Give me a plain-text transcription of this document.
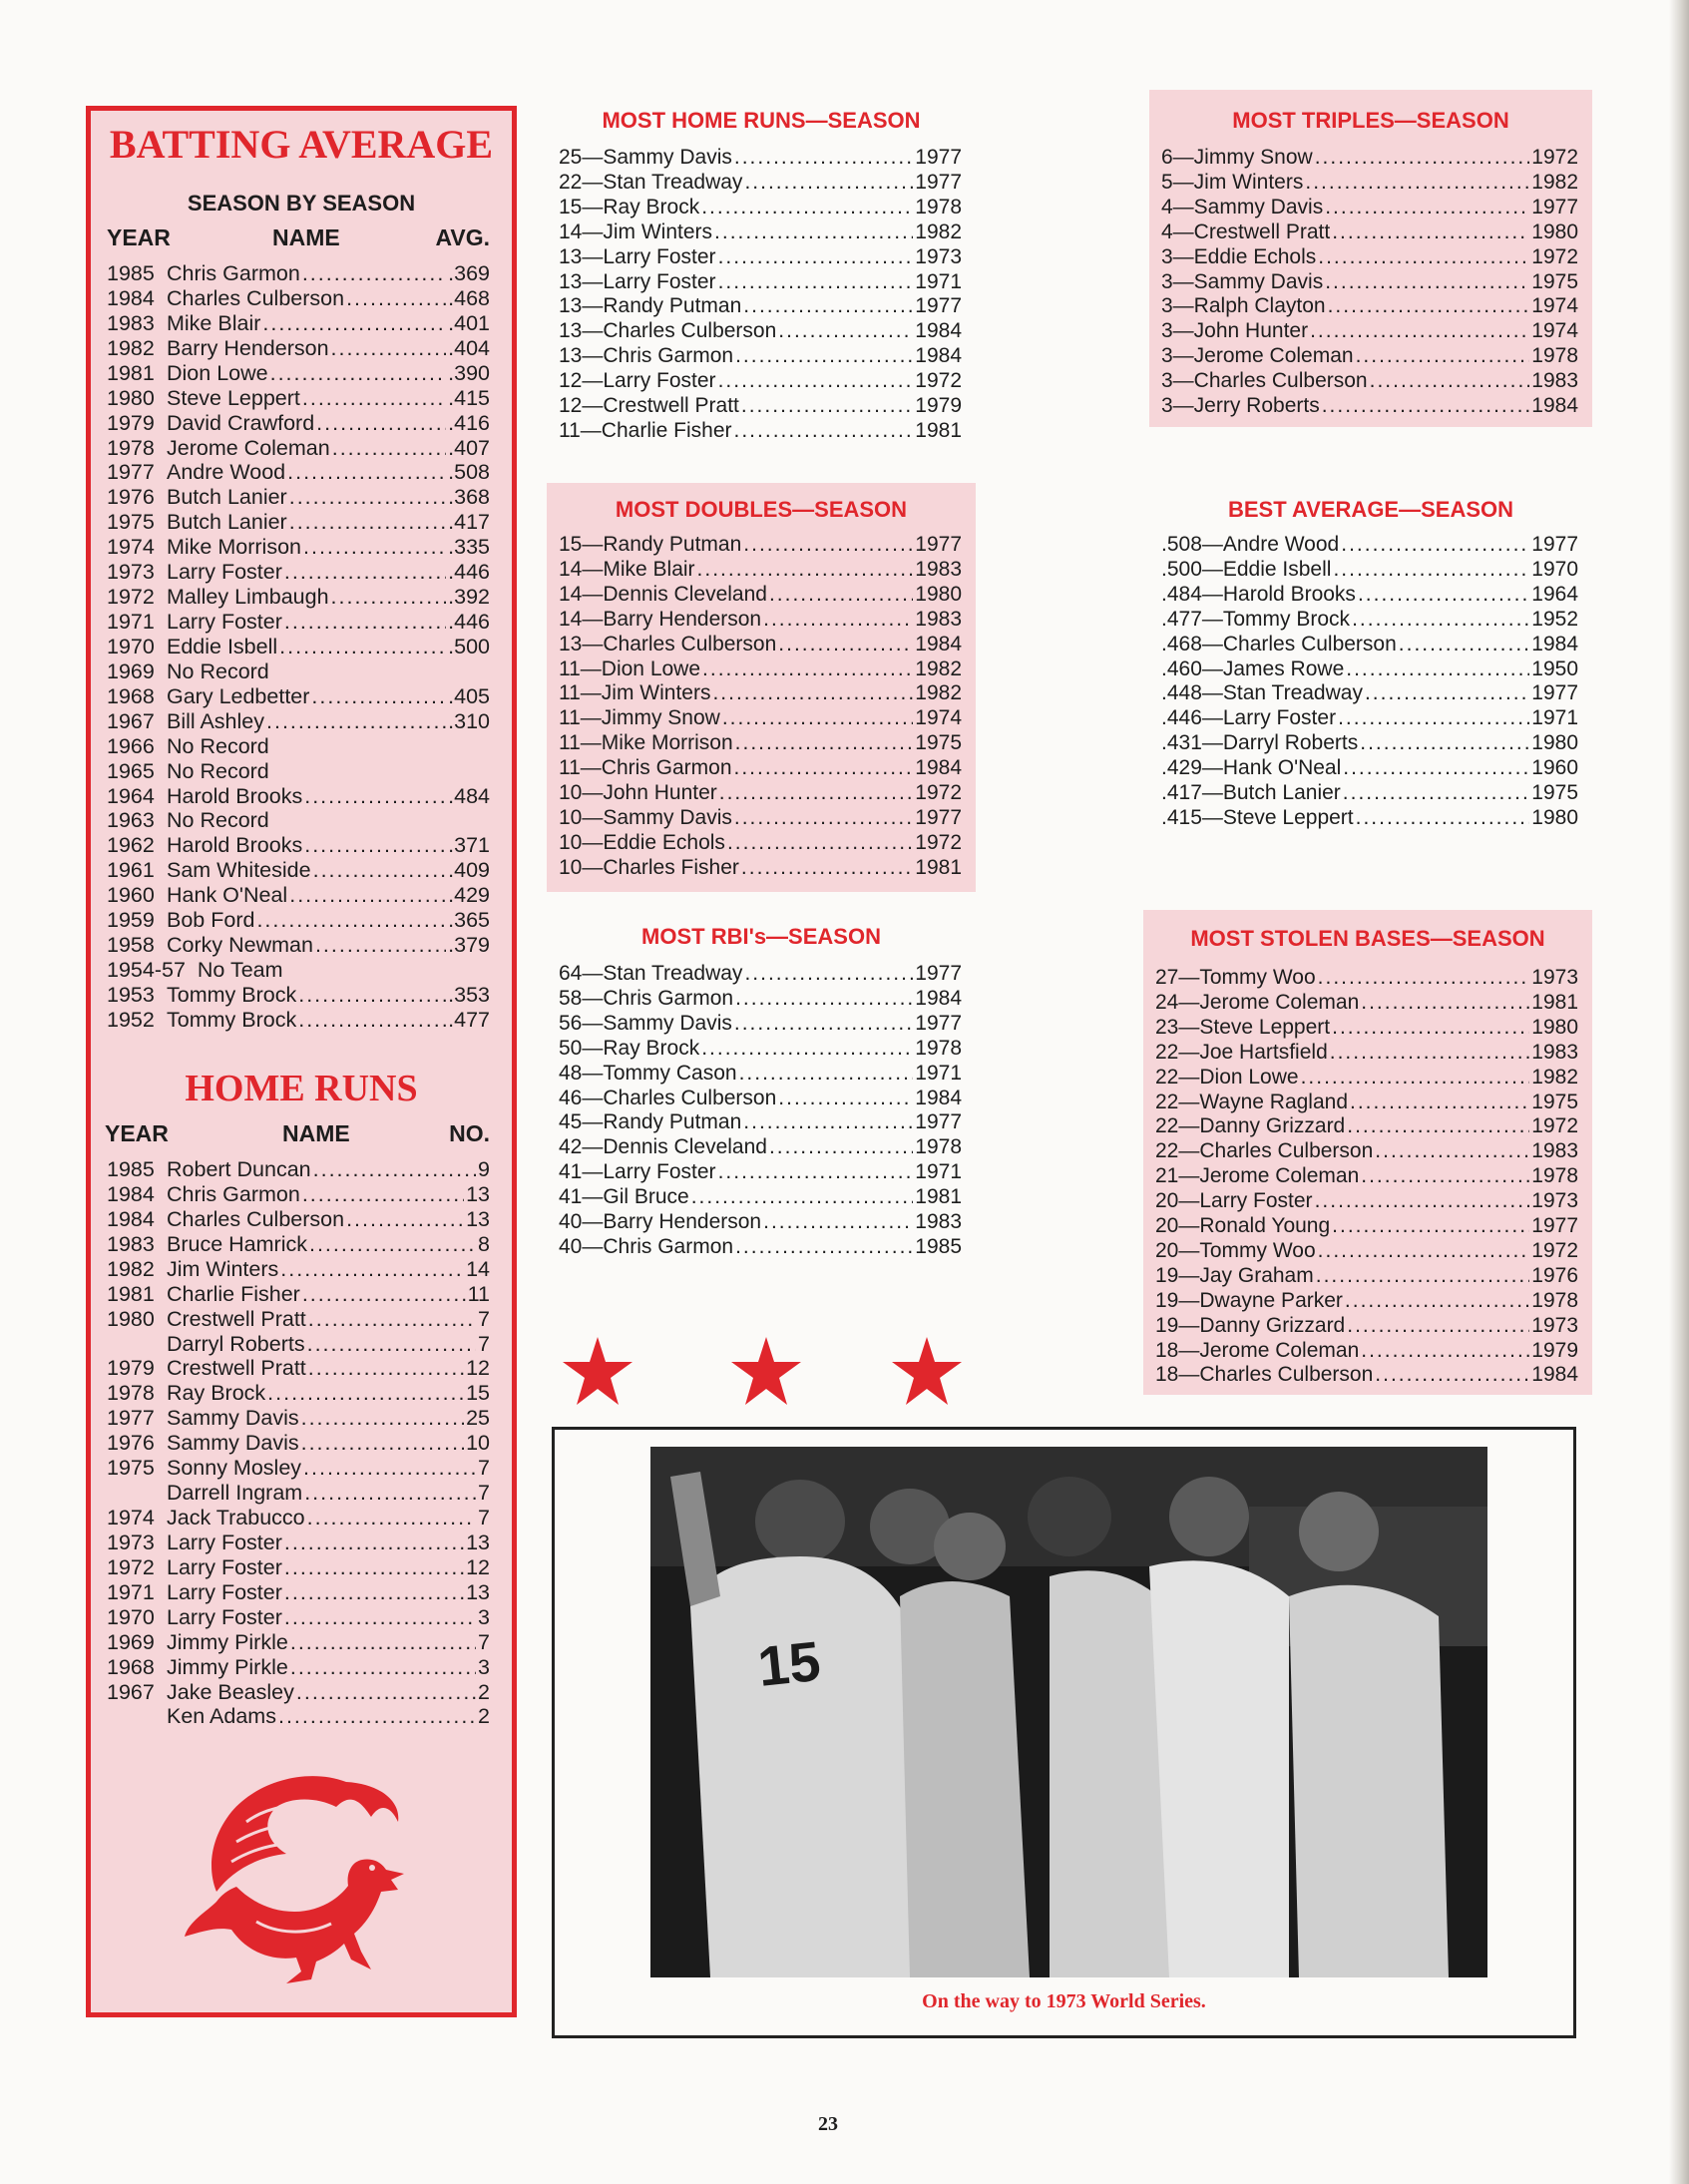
BATTING AVERAGE
SEASON BY SEASON
YEAR	NAME	AVG.
1985 Chris Garmon .....	.369
1984 Charles Culberson .....	.468
1983 Mike Blair .....	.401
1982 Barry Henderson .....	.404
1981 Dion Lowe .....	.390
1980 Steve Leppert .....	.415
1979 David Crawford .....	.416
1978 Jerome Coleman .....	.407
1977 Andre Wood .....	.508
1976 Butch Lanier .....	.368
1975 Butch Lanier .....	.417
1974 Mike Morrison .....	.335
1973 Larry Foster .....	.446
1972 Malley Limbaugh .....	.392
1971 Larry Foster .....	.446
1970 Eddie Isbell .....	.500
1969 No Record
1968 Gary Ledbetter .....	.405
1967 Bill Ashley .....	.310
1966 No Record
1965 No Record
1964 Harold Brooks .....	.484
1963 No Record
1962 Harold Brooks .....	.371
1961 Sam Whiteside .....	.409
1960 Hank O'Neal .....	.429
1959 Bob Ford .....	.365
1958 Corky Newman .....	.379
1954-57 No Team
1953 Tommy Brock .....	.353
1952 Tommy Brock .....	.477
HOME RUNS
YEAR	NAME	NO.
1985 Robert Duncan .....	9
1984 Chris Garmon .....	13
1984 Charles Culberson .....	13
1983 Bruce Hamrick .....	8
1982 Jim Winters .....	14
1981 Charlie Fisher .....	11
1980 Crestwell Pratt .....	7
Darryl Roberts .....	7
1979 Crestwell Pratt .....	12
1978 Ray Brock .....	15
1977 Sammy Davis .....	25
1976 Sammy Davis .....	10
1975 Sonny Mosley .....	7
Darrell Ingram .....	7
1974 Jack Trabucco .....	7
1973 Larry Foster .....	13
1972 Larry Foster .....	12
1971 Larry Foster .....	13
1970 Larry Foster .....	3
1969 Jimmy Pirkle .....	7
1968 Jimmy Pirkle .....	3
1967 Jake Beasley .....	2
Ken Adams .....	2
MOST HOME RUNS—SEASON
25—Sammy Davis .....	1977
22—Stan Treadway .....	1977
15—Ray Brock .....	1978
14—Jim Winters .....	1982
13—Larry Foster .....	1973
13—Larry Foster .....	1971
13—Randy Putman .....	1977
13—Charles Culberson .....	1984
13—Chris Garmon .....	1984
12—Larry Foster .....	1972
12—Crestwell Pratt .....	1979
11—Charlie Fisher .....	1981
MOST DOUBLES—SEASON
15—Randy Putman .....	1977
14—Mike Blair .....	1983
14—Dennis Cleveland .....	1980
14—Barry Henderson .....	1983
13—Charles Culberson .....	1984
11—Dion Lowe .....	1982
11—Jim Winters .....	1982
11—Jimmy Snow .....	1974
11—Mike Morrison .....	1975
11—Chris Garmon .....	1984
10—John Hunter .....	1972
10—Sammy Davis .....	1977
10—Eddie Echols .....	1972
10—Charles Fisher .....	1981
MOST RBI's—SEASON
64—Stan Treadway .....	1977
58—Chris Garmon .....	1984
56—Sammy Davis .....	1977
50—Ray Brock .....	1978
48—Tommy Cason .....	1971
46—Charles Culberson .....	1984
45—Randy Putman .....	1977
42—Dennis Cleveland .....	1978
41—Larry Foster .....	1971
41—Gil Bruce .....	1981
40—Barry Henderson .....	1983
40—Chris Garmon .....	1985
MOST TRIPLES—SEASON
6—Jimmy Snow .....	1972
5—Jim Winters .....	1982
4—Sammy Davis .....	1977
4—Crestwell Pratt .....	1980
3—Eddie Echols .....	1972
3—Sammy Davis .....	1975
3—Ralph Clayton .....	1974
3—John Hunter .....	1974
3—Jerome Coleman .....	1978
3—Charles Culberson .....	1983
3—Jerry Roberts .....	1984
BEST AVERAGE—SEASON
.508—Andre Wood .....	1977
.500—Eddie Isbell .....	1970
.484—Harold Brooks .....	1964
.477—Tommy Brock .....	1952
.468—Charles Culberson .....	1984
.460—James Rowe .....	1950
.448—Stan Treadway .....	1977
.446—Larry Foster .....	1971
.431—Darryl Roberts .....	1980
.429—Hank O'Neal .....	1960
.417—Butch Lanier .....	1975
.415—Steve Leppert .....	1980
MOST STOLEN BASES—SEASON
27—Tommy Woo .....	1973
24—Jerome Coleman .....	1981
23—Steve Leppert .....	1980
22—Joe Hartsfield .....	1983
22—Dion Lowe .....	1982
22—Wayne Ragland .....	1975
22—Danny Grizzard .....	1972
22—Charles Culberson .....	1983
21—Jerome Coleman .....	1978
20—Larry Foster .....	1973
20—Ronald Young .....	1977
20—Tommy Woo .....	1972
19—Jay Graham .....	1976
19—Dwayne Parker .....	1978
19—Danny Grizzard .....	1973
18—Jerome Coleman .....	1979
18—Charles Culberson .....	1984
15
On the way to 1973 World Series.
23
